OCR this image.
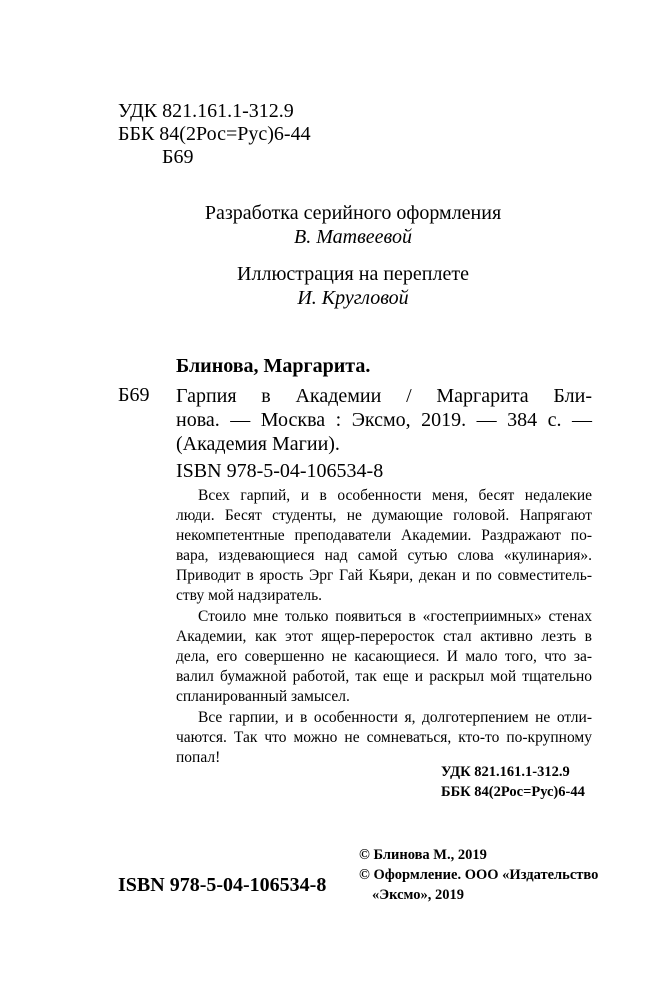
УДК 821.161.1-312.9
ББК 84(2Рос=Рус)6-44
Б69
Разработка серийного оформления
В. Матвеевой
Иллюстрация на переплете
И. Кругловой
Блинова, Маргарита.
Б69 Гарпия в Академии / Маргарита Бли-
нова. — Москва : Эксмо, 2019. — 384 с. —
(Академия Магии).
ISBN 978-5-04-106534-8
Всех гарпий, и в особенности меня, бесят недалекие
люди. Бесят студенты, не думающие головой. Напрягают
некомпетентные преподаватели Академии. Раздражают по-
вара, издевающиеся над самой сутью слова «кулинария».
Приводит в ярость Эрг Гай Кьяри, декан и по совместитель-
ству мой надзиратель.
Стоило мне только появиться в «гостеприимных» стенах
Академии, как этот ящер-переросток стал активно лезть в
дела, его совершенно не касающиеся. И мало того, что за-
валил бумажной работой, так еще и раскрыл мой тщательно
спланированный замысел.
Все гарпии, и в особенности я, долготерпением не отли-
чаются. Так что можно не сомневаться, кто-то по-крупному
попал!
УДК 821.161.1-312.9
ББК 84(2Рос=Рус)6-44
© Блинова М., 2019
© Оформление. ООО «Издательство
«Эксмо», 2019
ISBN 978-5-04-106534-8
